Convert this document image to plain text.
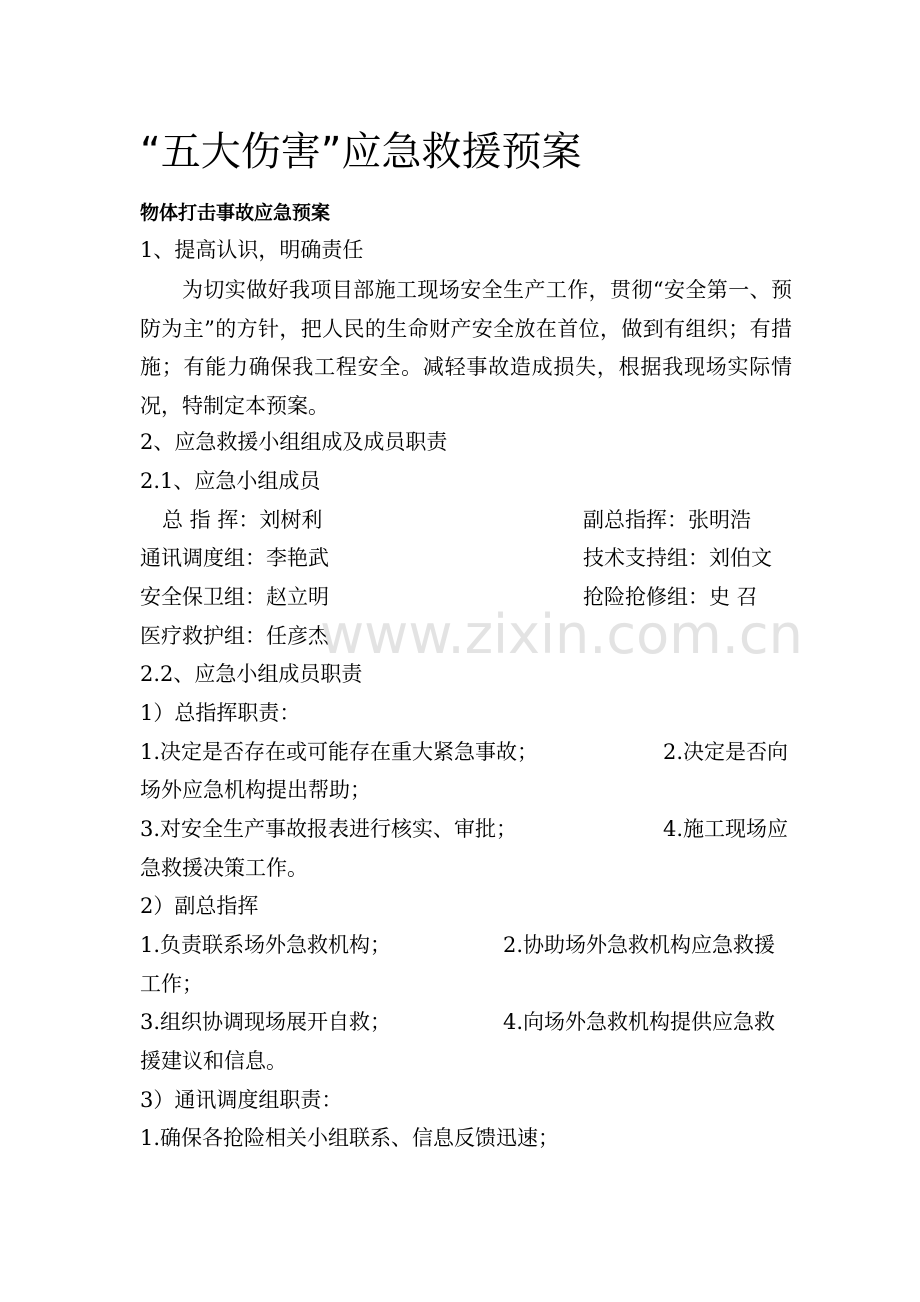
“五大伤害”应急救援预案
物体打击事故应急预案
1、提高认识，明确责任

为切实做好我项目部施工现场安全生产工作，贯彻“安全第一、预防为主”的方针，把人民的生命财产安全放在首位，做到有组织；有措施；有能力确保我工程安全。减轻事故造成损失，根据我现场实际情况，特制定本预案。

2、应急救援小组组成及成员职责
2.1、应急小组成员
总 指 挥：刘树利	副总指挥：张明浩
通讯调度组：李艳武	技术支持组：刘伯文
安全保卫组：赵立明	抢险抢修组：史 召
医疗救护组：任彦杰
2.2、应急小组成员职责
1）总指挥职责：
1.决定是否存在或可能存在重大紧急事故；	2.决定是否向
场外应急机构提出帮助；
3.对安全生产事故报表进行核实、审批；	4.施工现场应
急救援决策工作。
2）副总指挥
1.负责联系场外急救机构；	2.协助场外急救机构应急救援
工作；
3.组织协调现场展开自救；	4.向场外急救机构提供应急救
援建议和信息。
3）通讯调度组职责：
1.确保各抢险相关小组联系、信息反馈迅速；
www.zixin.com.cn
